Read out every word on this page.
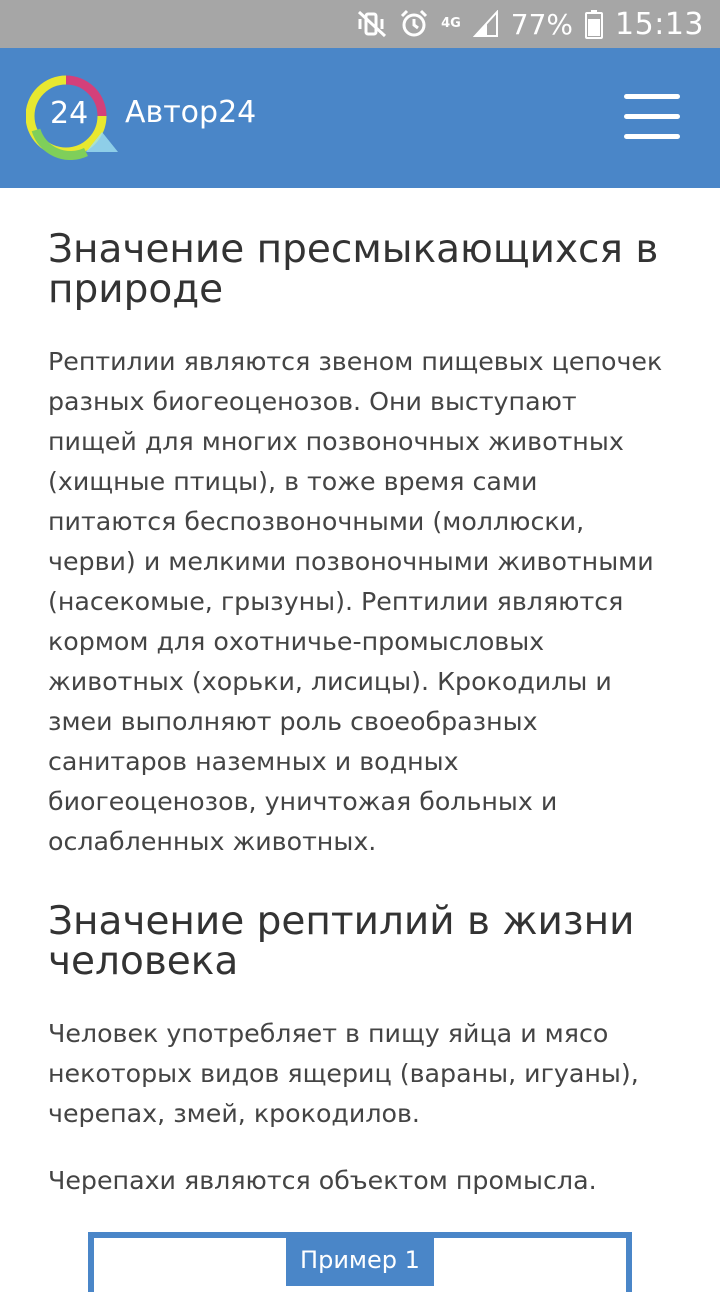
4G 77% 15:13
24 Автор24
Значение пресмыкающихся в природе

Рептилии являются звеном пищевых цепочек разных биогеоценозов. Они выступают пищей для многих позвоночных животных (хищные птицы), в тоже время сами питаются беспозвоночными (моллюски, черви) и мелкими позвоночными животными (насекомые, грызуны). Рептилии являются кормом для охотничье-промысловых животных (хорьки, лисицы). Крокодилы и змеи выполняют роль своеобразных санитаров наземных и водных биогеоценозов, уничтожая больных и ослабленных животных.

Значение рептилий в жизни человека

Человек употребляет в пищу яйца и мясо некоторых видов ящериц (вараны, игуаны), черепах, змей, крокодилов.

Черепахи являются объектом промысла.

Пример 1
